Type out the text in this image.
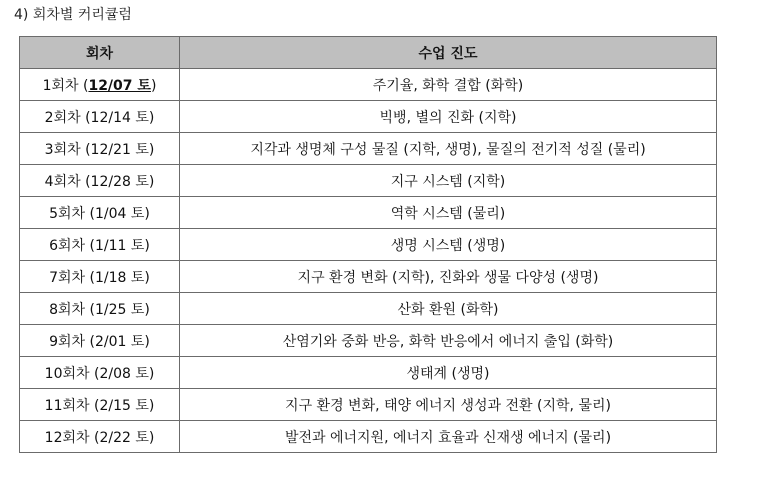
4) 회차별 커리큘럼
회차	수업 진도
1회차 (12/07 토)	주기율, 화학 결합 (화학)
2회차 (12/14 토)	빅뱅, 별의 진화 (지학)
3회차 (12/21 토)	지각과 생명체 구성 물질 (지학, 생명), 물질의 전기적 성질 (물리)
4회차 (12/28 토)	지구 시스템 (지학)
5회차 (1/04 토)	역학 시스템 (물리)
6회차 (1/11 토)	생명 시스템 (생명)
7회차 (1/18 토)	지구 환경 변화 (지학), 진화와 생물 다양성 (생명)
8회차 (1/25 토)	산화 환원 (화학)
9회차 (2/01 토)	산염기와 중화 반응, 화학 반응에서 에너지 출입 (화학)
10회차 (2/08 토)	생태계 (생명)
11회차 (2/15 토)	지구 환경 변화, 태양 에너지 생성과 전환 (지학, 물리)
12회차 (2/22 토)	발전과 에너지원, 에너지 효율과 신재생 에너지 (물리)
